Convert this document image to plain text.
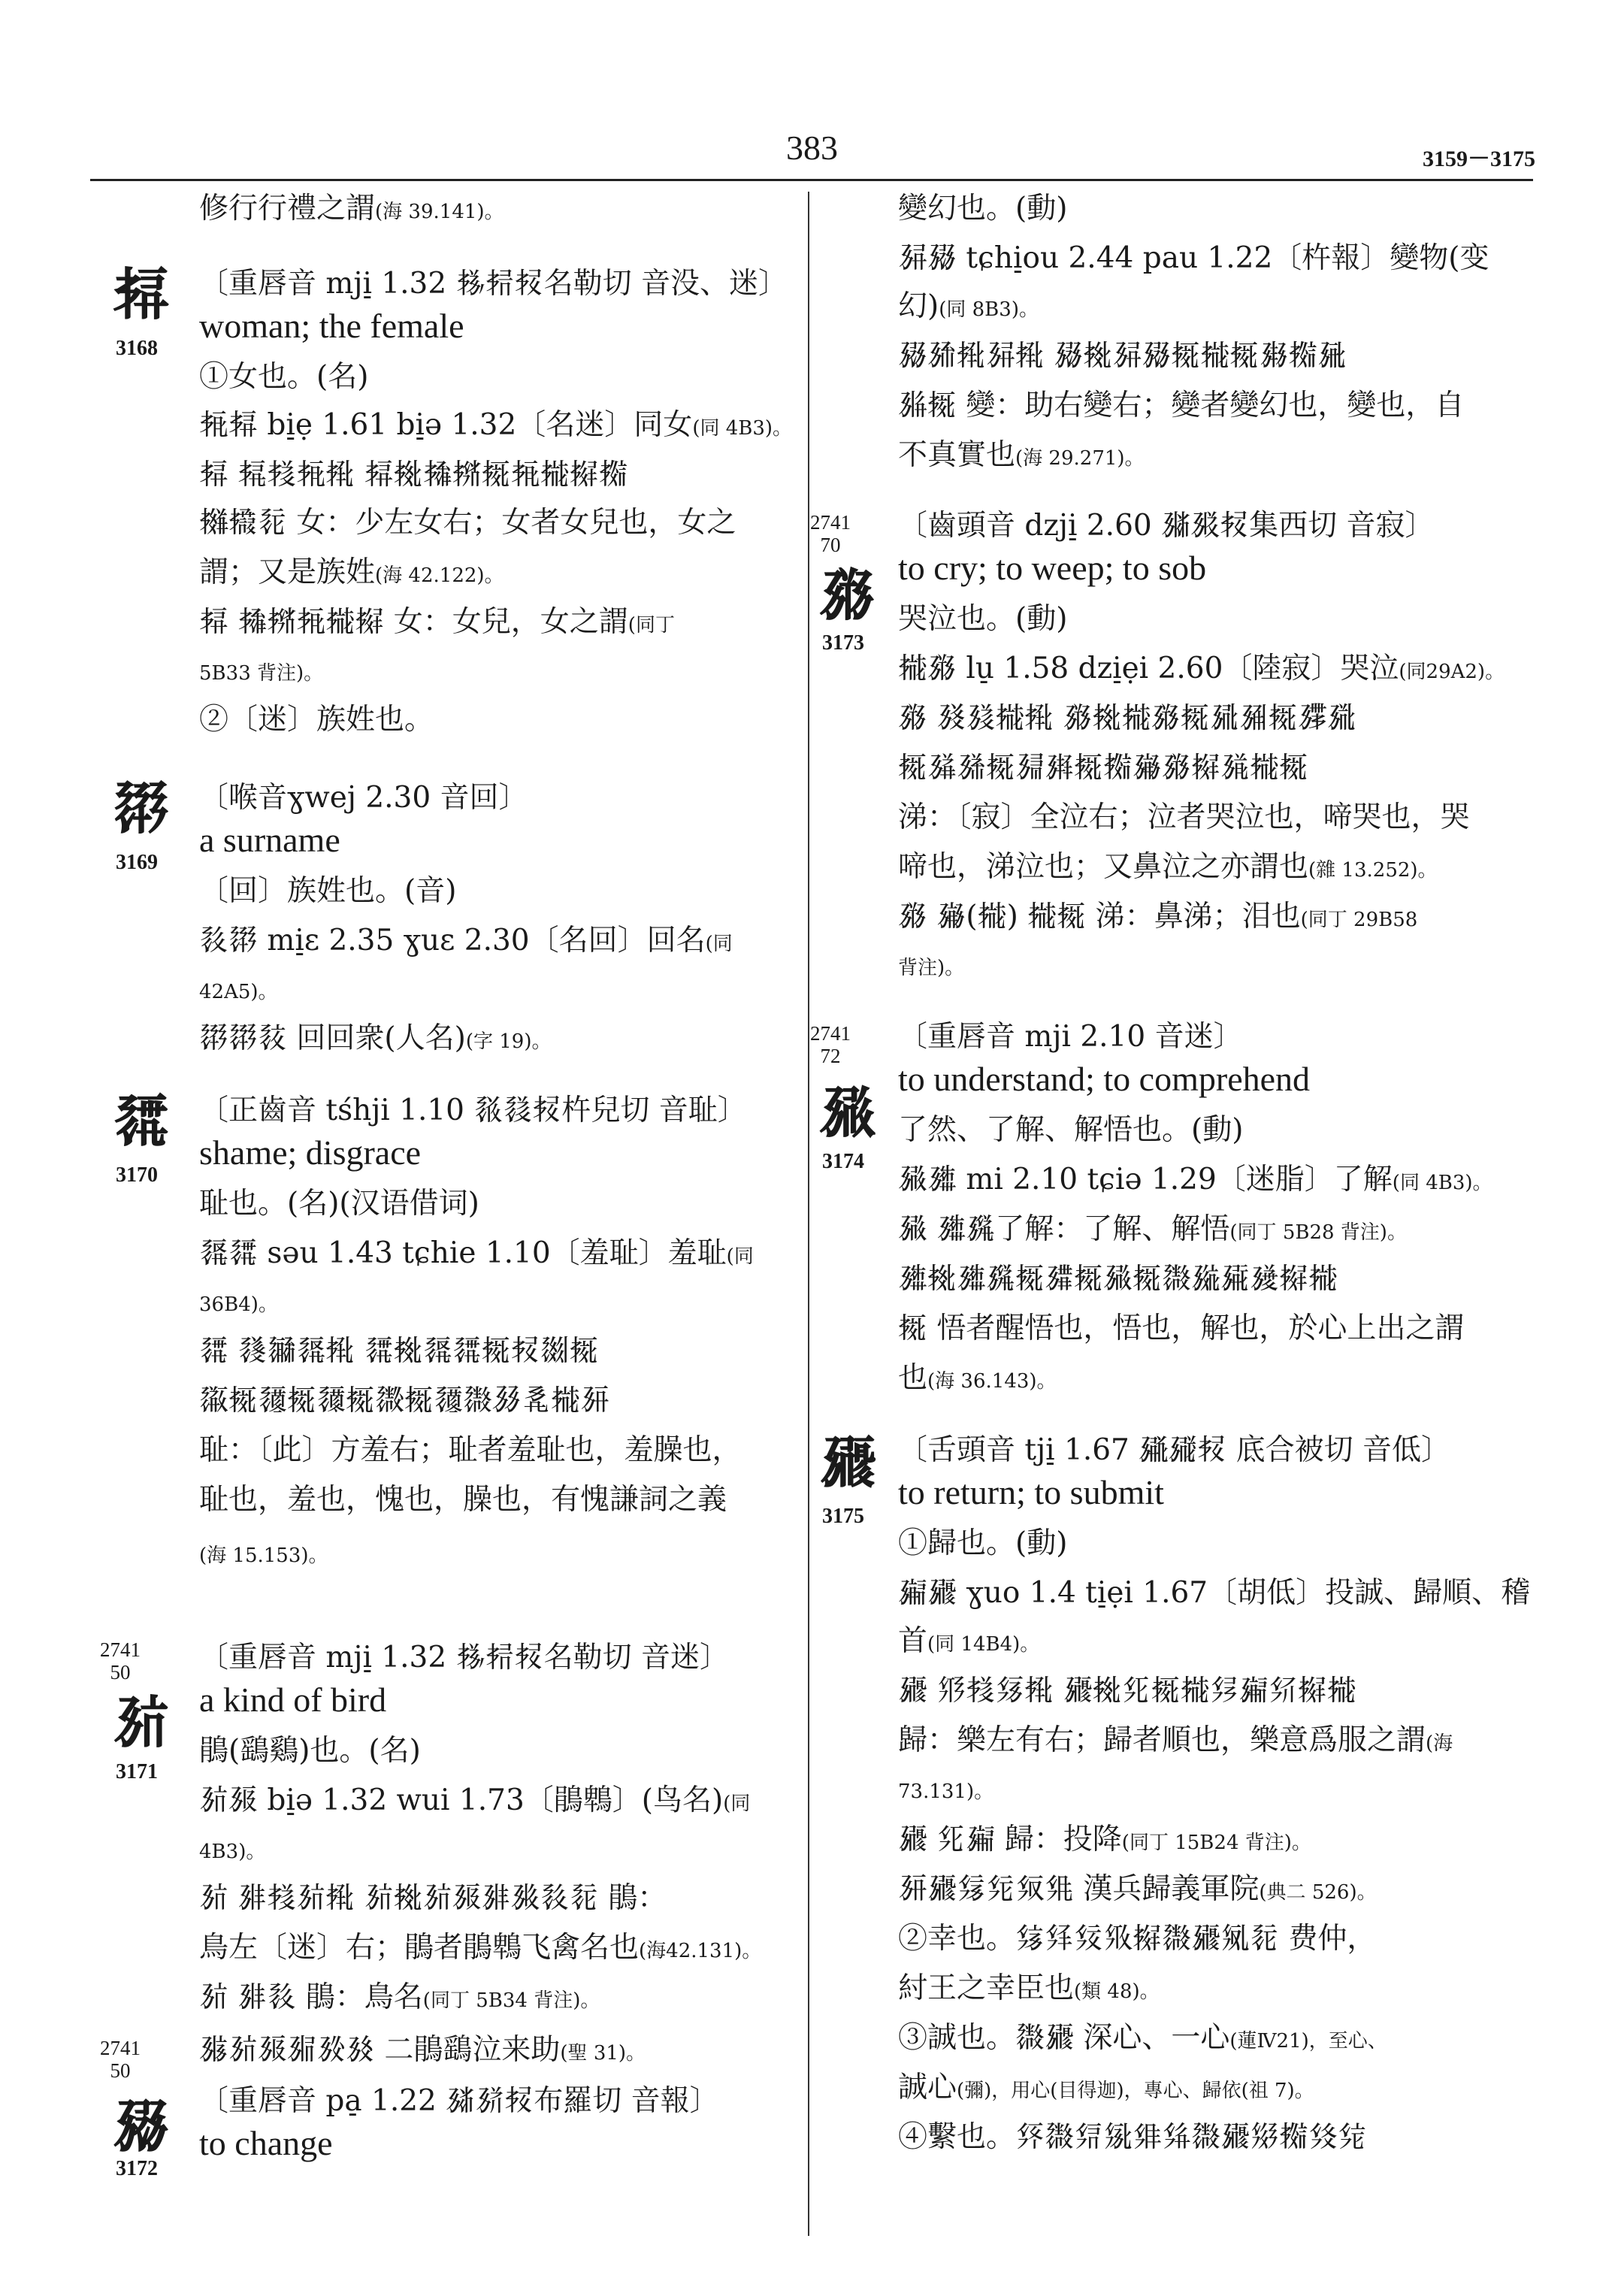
383	3159－3175
修行行禮之謂(海 39.141)。
〔重唇音 mji̠ 1.32 𗈪𗈫𗈬名勒切 音没、迷〕
woman; the female
①女也。(名)
𗈭𗈮 bi̠ẹ 1.61 bi̠ə 1.32〔名迷〕同女(同 4B3)。
𗈮 𗈯𗈰𗈭𗈱 𗈮𗈲𗈳𗈴𗈵𗈭𗈶𗈷𗈸
𗈹𗈺𗈻 女：少左女右；女者女兒也，女之
謂；又是族姓(海 42.122)。
𗈮 𗈳𗈴𗈭𗈶𗈷 女：女兒，女之謂(同丁
5B33 背注)。
②〔迷〕族姓也。
〔喉音ɣwej 2.30 音回〕
a surname
〔回〕族姓也。(音)
𗈼𗈽 mi̠ɛ 2.35 ɣuɛ 2.30〔名回〕回名(同
42A5)。
𗈽𗈽𗈾 回回衆(人名)(字 19)。
〔正齒音 tśhji 1.10 𗈿𗉀𗈬杵兒切 音耻〕
shame; disgrace
耻也。(名)(汉语借词)
𗉁𗉂 səu 1.43 tɕhie 1.10〔羞耻〕羞耻(同
36B4)。
𗉂 𗉃𗉄𗉁𗈱 𗉂𗈲𗉁𗉂𗈵𗈬𗉅𗈵
𗉆𗈵𗉇𗈵𗉈𗈵𗉉𗈵𗉇𗉊𗉋𗉌𗈶𗉍
耻：〔此〕方羞右；耻者羞耻也，羞臊也，
耻也，羞也，愧也，臊也，有愧謙詞之義
(海 15.153)。
〔重唇音 mji̠ 1.32 𗈪𗈫𗈬名勒切 音迷〕
a kind of bird
鵑(鷂鷄)也。(名)
𗉎𗉏 bi̠ə 1.32 wui 1.73〔鵑鵯〕(鸟名)(同
4B3)。
𗉎 𗉐𗈰𗉎𗈱 𗉎𗈲𗉎𗉏𗉐𗉑𗈼𗈻 鵑：
鳥左〔迷〕右；鵑者鵑鵯飞禽名也(海42.131)。
𗉎 𗉐𗈼 鵑：鳥名(同丁 5B34 背注)。
𗉒𗉎𗉏𗉓𗉔𗉕 二鵑鷂泣来助(聖 31)。
〔重唇音 pa̠ 1.22 𗉖𗉗𗈬布羅切 音報〕
to change
變幻也。(動)
𗉘𗉙 tɕhi̠ou 2.44 pau 1.22〔杵報〕變物(变
幻)(同 8B3)。
𗉙𗉚𗈱𗉘𗈱 𗉙𗈲𗉘𗉙𗈵𗈶𗈵𗉛𗈸𗉜
𗉝𗈵 變：助右變右；變者變幻也，變也，自
不真實也(海 29.271)。
〔齒頭音 dzji̠ 2.60 𗉞𗉟𗈬集西切 音寂〕
to cry; to weep; to sob
哭泣也。(動)
𗈶𗉠 lu̠ 1.58 dzi̠ẹi 2.60〔陸寂〕哭泣(同29A2)。
𗉠 𗉡𗉢𗈶𗈱 𗉠𗈲𗈶𗉠𗈵𗉣𗉤𗈵𗉥𗉦
𗈵𗉧𗉨𗈵𗉩𗉪𗈵𗈸𗉫𗉠𗈷𗉬𗈶𗈵
涕：〔寂〕全泣右；泣者哭泣也，啼哭也，哭
啼也，涕泣也；又鼻泣之亦謂也(雜 13.252)。
𗉠 𗉫(𗈶) 𗈶𗈵 涕：鼻涕；泪也(同丁 29B58
背注)。
〔重唇音 mji 2.10 音迷〕
to understand; to comprehend
了然、了解、解悟也。(動)
𗉭𗉮 mi 2.10 tɕiə 1.29〔迷脂〕了解(同 4B3)。
𗉭 𗉮𗉯了解：了解、解悟(同丁 5B28 背注)。
𗉮𗈲𗉮𗉯𗈵𗉰𗈵𗉭𗈵𗉊𗉱𗉲𗉳𗈷𗈶
𗈵 悟者醒悟也，悟也，解也，於心上出之謂
也(海 36.143)。
〔舌頭音 tji̠ 1.67 𗉴𗉵𗈬 底合被切 音低〕
to return; to submit
①歸也。(動)
𗉶𗉷 ɣuo 1.4 ti̠ẹi 1.67〔胡低〕投誠、歸順、稽
首(同 14B4)。
𗉷 𗉸𗈰𗉹𗈱 𗉷𗈲𗉺𗈵𗈶𗉻𗉶𗉼𗈷𗈶
歸：樂左有右；歸者順也，樂意爲服之謂(海
73.131)。
𗉷 𗉺𗉶 歸：投降(同丁 15B24 背注)。
𗉍𗉷𗉽𗉾𗉿𗊀 漢兵歸義軍院(典二 526)。
②幸也。𗊁𗊂𗊃𗊄𗈷𗉊𗉷𗊅𗈻 费仲，
紂王之幸臣也(類 48)。
③誠也。𗉊𗉷 深心、一心(蓮Ⅳ21)，至心、
誠心(彌)，用心(目得迦)，專心、歸依(祖 7)。
④繫也。𗊆𗉊𗊇𗊈𗊉𗊊𗉊𗉷𗊋𗈸𗊌𗊍
𗈮
3168
𗈽
3169
𗉂
3170
𗉎
3171
2741
50
𗉙
3172
2741
50
𗉠
3173
2741
70
𗉭
3174
2741
72
𗉷
3175
